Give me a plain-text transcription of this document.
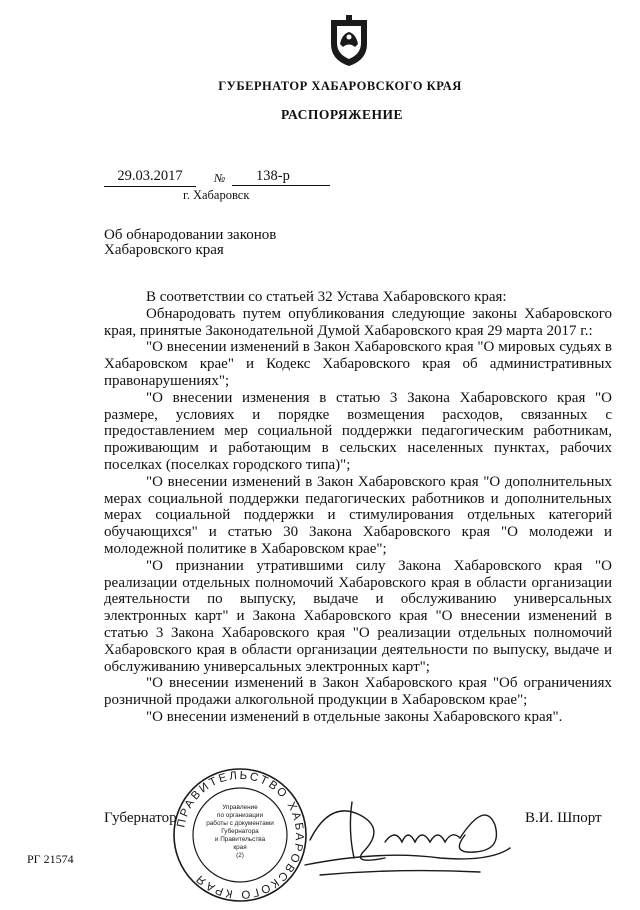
ГУБЕРНАТОР ХАБАРОВСКОГО КРАЯ
РАСПОРЯЖЕНИЕ
29.03.2017	№	138-р
г. Хабаровск
Об обнародовании законов
Хабаровского края

В соответствии со статьей 32 Устава Хабаровского края:

Обнародовать путем опубликования следующие законы Хабаровского края, принятые Законодательной Думой Хабаровского края 29 марта 2017 г.:

"О внесении изменений в Закон Хабаровского края "О мировых судьях в Хабаровском крае" и Кодекс Хабаровского края об административных правонарушениях";

"О внесении изменения в статью 3 Закона Хабаровского края "О размере, условиях и порядке возмещения расходов, связанных с предоставлением мер социальной поддержки педагогическим работникам, проживающим и работающим в сельских населенных пунктах, рабочих поселках (поселках городского типа)";

"О внесении изменений в Закон Хабаровского края "О дополнительных мерах социальной поддержки педагогических работников и дополнительных мерах социальной поддержки и стимулирования отдельных категорий обучающихся" и статью 30 Закона Хабаровского края "О молодежи и молодежной политике в Хабаровском крае";

"О признании утратившими силу Закона Хабаровского края "О реализации отдельных полномочий Хабаровского края в области организации деятельности по выпуску, выдаче и обслуживанию универсальных электронных карт" и Закона Хабаровского края "О внесении изменений в статью 3 Закона Хабаровского края "О реализации отдельных полномочий Хабаровского края в области организации деятельности по выпуску, выдаче и обслуживанию универсальных электронных карт";

"О внесении изменений в Закон Хабаровского края "Об ограничениях розничной продажи алкогольной продукции в Хабаровском крае";

"О внесении изменений в отдельные законы Хабаровского края".

Губернатор	В.И. Шпорт
ПРАВИТЕЛЬСТВО ХАБАРОВСКОГО КРАЯ
Управление
по организации
работы с документами
Губернатора
и Правительства
края
(2)
РГ 21574
